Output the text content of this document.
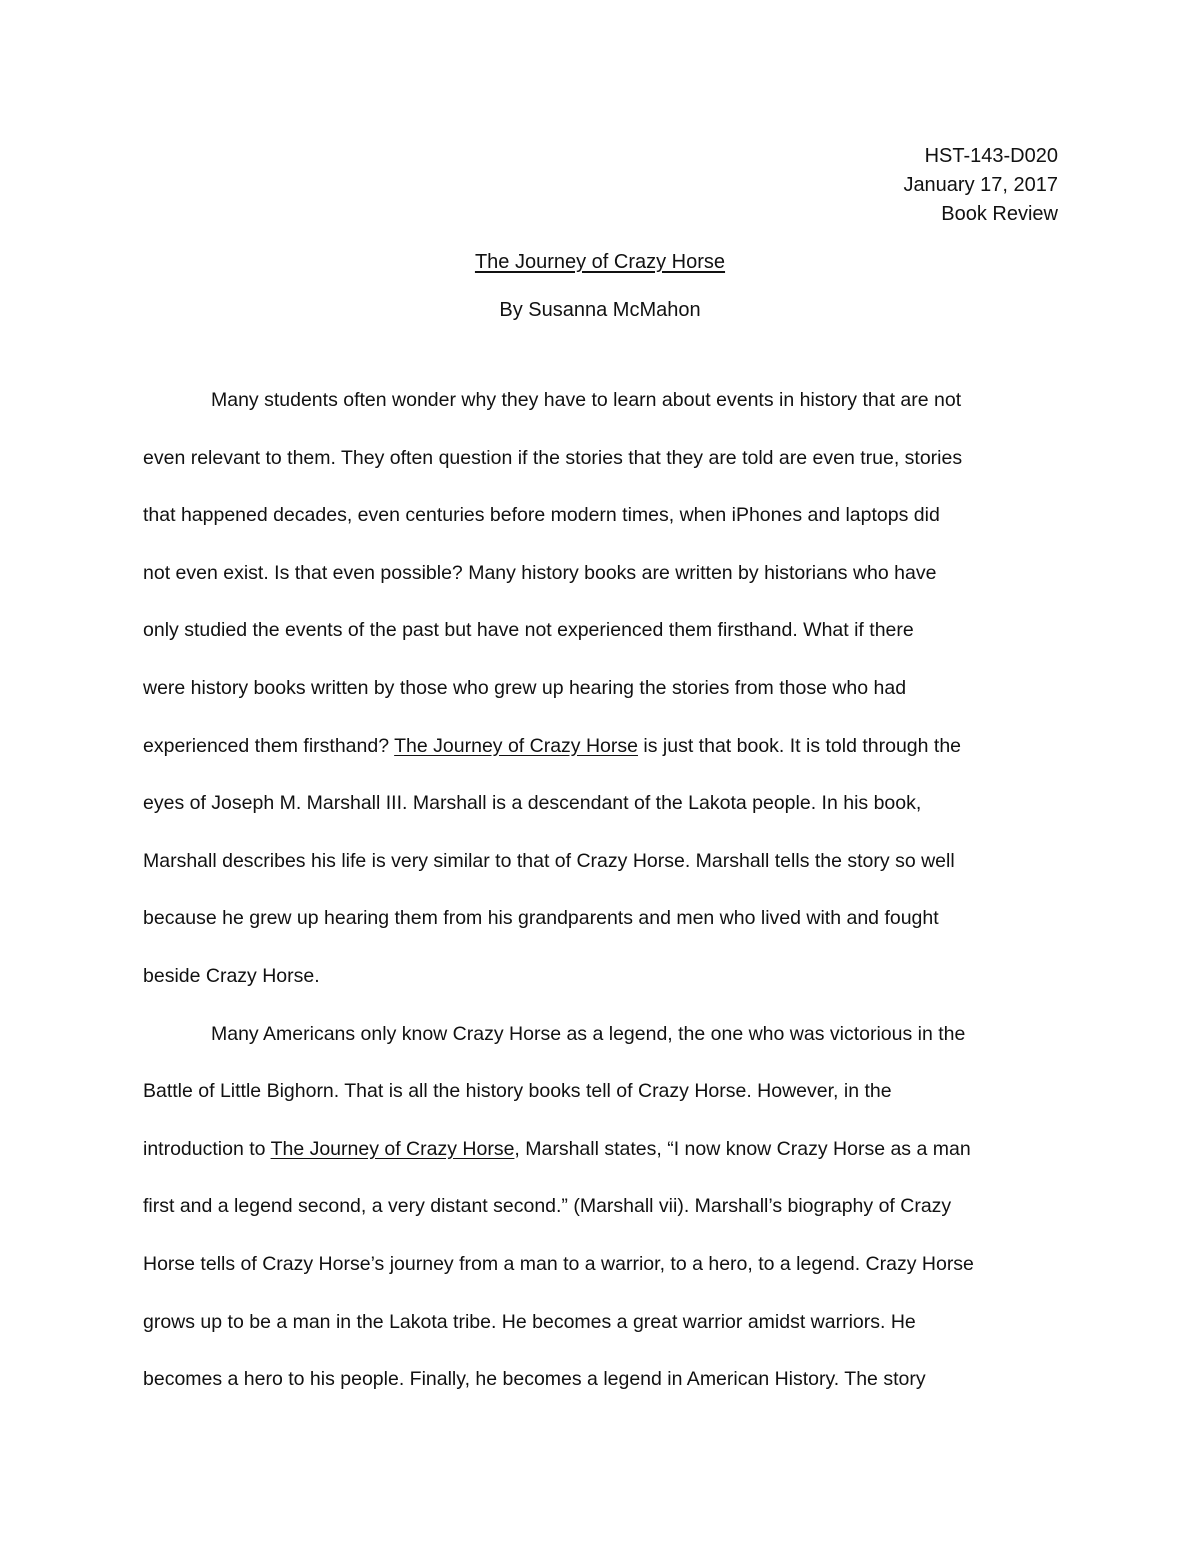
HST-143-D020
January 17, 2017
Book Review
The Journey of Crazy Horse
By Susanna McMahon
Many students often wonder why they have to learn about events in history that are not
even relevant to them. They often question if the stories that they are told are even true, stories
that happened decades, even centuries before modern times, when iPhones and laptops did
not even exist. Is that even possible? Many history books are written by historians who have
only studied the events of the past but have not experienced them firsthand. What if there
were history books written by those who grew up hearing the stories from those who had
experienced them firsthand? The Journey of Crazy Horse is just that book. It is told through the
eyes of Joseph M. Marshall III. Marshall is a descendant of the Lakota people. In his book,
Marshall describes his life is very similar to that of Crazy Horse. Marshall tells the story so well
because he grew up hearing them from his grandparents and men who lived with and fought
beside Crazy Horse.
Many Americans only know Crazy Horse as a legend, the one who was victorious in the
Battle of Little Bighorn. That is all the history books tell of Crazy Horse. However, in the
introduction to The Journey of Crazy Horse, Marshall states, “I now know Crazy Horse as a man
first and a legend second, a very distant second.” (Marshall vii). Marshall’s biography of Crazy
Horse tells of Crazy Horse’s journey from a man to a warrior, to a hero, to a legend. Crazy Horse
grows up to be a man in the Lakota tribe. He becomes a great warrior amidst warriors. He
becomes a hero to his people. Finally, he becomes a legend in American History. The story
